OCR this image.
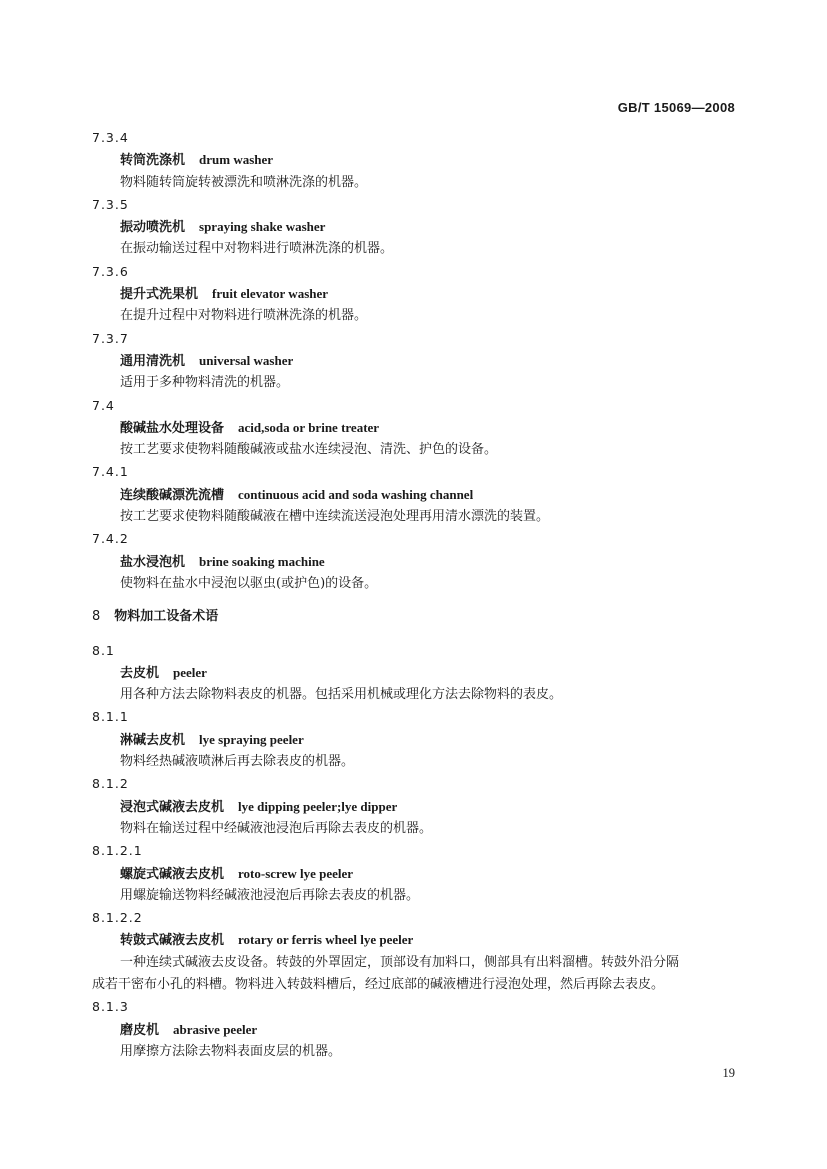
GB/T 15069—2008
7.3.4
转筒洗涤机 drum washer
物料随转筒旋转被漂洗和喷淋洗涤的机器。
7.3.5
振动喷洗机 spraying shake washer
在振动输送过程中对物料进行喷淋洗涤的机器。
7.3.6
提升式洗果机 fruit elevator washer
在提升过程中对物料进行喷淋洗涤的机器。
7.3.7
通用清洗机 universal washer
适用于多种物料清洗的机器。
7.4
酸碱盐水处理设备 acid,soda or brine treater
按工艺要求使物料随酸碱液或盐水连续浸泡、清洗、护色的设备。
7.4.1
连续酸碱漂洗流槽 continuous acid and soda washing channel
按工艺要求使物料随酸碱液在槽中连续流送浸泡处理再用清水漂洗的装置。
7.4.2
盐水浸泡机 brine soaking machine
使物料在盐水中浸泡以驱虫(或护色)的设备。
8 物料加工设备术语
8.1
去皮机 peeler
用各种方法去除物料表皮的机器。包括采用机械或理化方法去除物料的表皮。
8.1.1
淋碱去皮机 lye spraying peeler
物料经热碱液喷淋后再去除表皮的机器。
8.1.2
浸泡式碱液去皮机 lye dipping peeler;lye dipper
物料在输送过程中经碱液池浸泡后再除去表皮的机器。
8.1.2.1
螺旋式碱液去皮机 roto-screw lye peeler
用螺旋输送物料经碱液池浸泡后再除去表皮的机器。
8.1.2.2
转鼓式碱液去皮机 rotary or ferris wheel lye peeler
一种连续式碱液去皮设备。转鼓的外罩固定，顶部设有加料口，侧部具有出料溜槽。转鼓外沿分隔
成若干密布小孔的料槽。物料进入转鼓料槽后，经过底部的碱液槽进行浸泡处理，然后再除去表皮。
8.1.3
磨皮机 abrasive peeler
用摩擦方法除去物料表面皮层的机器。
19
